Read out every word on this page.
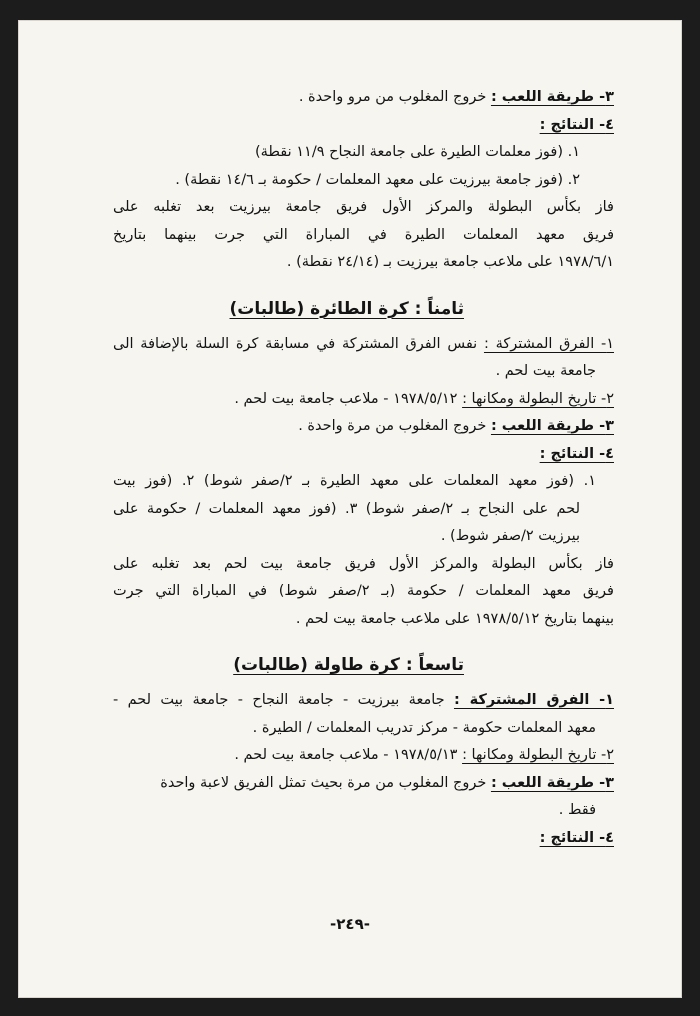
٣- طريقة اللعب : خروج المغلوب من مرو واحدة .
٤- النتائج :
١. (فوز معلمات الطيرة على جامعة النجاح ١١/٩ نقطة)
٢. (فوز جامعة بيرزيت على معهد المعلمات / حكومة بـ ١٤/٦ نقطة) .
فاز بكأس البطولة والمركز الأول فريق جامعة بيرزيت بعد تغلبه على
فريق معهد المعلمات الطيرة في المباراة التي جرت بينهما بتاريخ
١٩٧٨/٦/١ على ملاعب جامعة بيرزيت بـ (٢٤/١٤ نقطة) .
ثامناً : كرة الطائرة (طالبات)
١- الفرق المشتركة : نفس الفرق المشتركة في مسابقة كرة السلة بالإضافة الى
جامعة بيت لحم .
٢- تاريخ البطولة ومكانها : ١٩٧٨/٥/١٢ - ملاعب جامعة بيت لحم .
٣- طريقة اللعب : خروج المغلوب من مرة واحدة .
٤- النتائج :
١. (فوز معهد المعلمات على معهد الطيرة بـ ٢/صفر شوط) ٢. (فوز بيت
لحم على النجاح بـ ٢/صفر شوط) ٣. (فوز معهد المعلمات / حكومة على
بيرزيت ٢/صفر شوط) .
فاز بكأس البطولة والمركز الأول فريق جامعة بيت لحم بعد تغلبه على
فريق معهد المعلمات / حكومة (بـ ٢/صفر شوط) في المباراة التي جرت
بينهما بتاريخ ١٩٧٨/٥/١٢ على ملاعب جامعة بيت لحم .
تاسعاً : كرة طاولة (طالبات)
١- الفرق المشتركة : جامعة بيرزيت - جامعة النجاح - جامعة بيت لحم -
معهد المعلمات حكومة - مركز تدريب المعلمات / الطيرة .
٢- تاريخ البطولة ومكانها : ١٩٧٨/٥/١٣ - ملاعب جامعة بيت لحم .
٣- طريقة اللعب : خروج المغلوب من مرة بحيث تمثل الفريق لاعبة واحدة
فقط .
٤- النتائج :
-٢٤٩-
